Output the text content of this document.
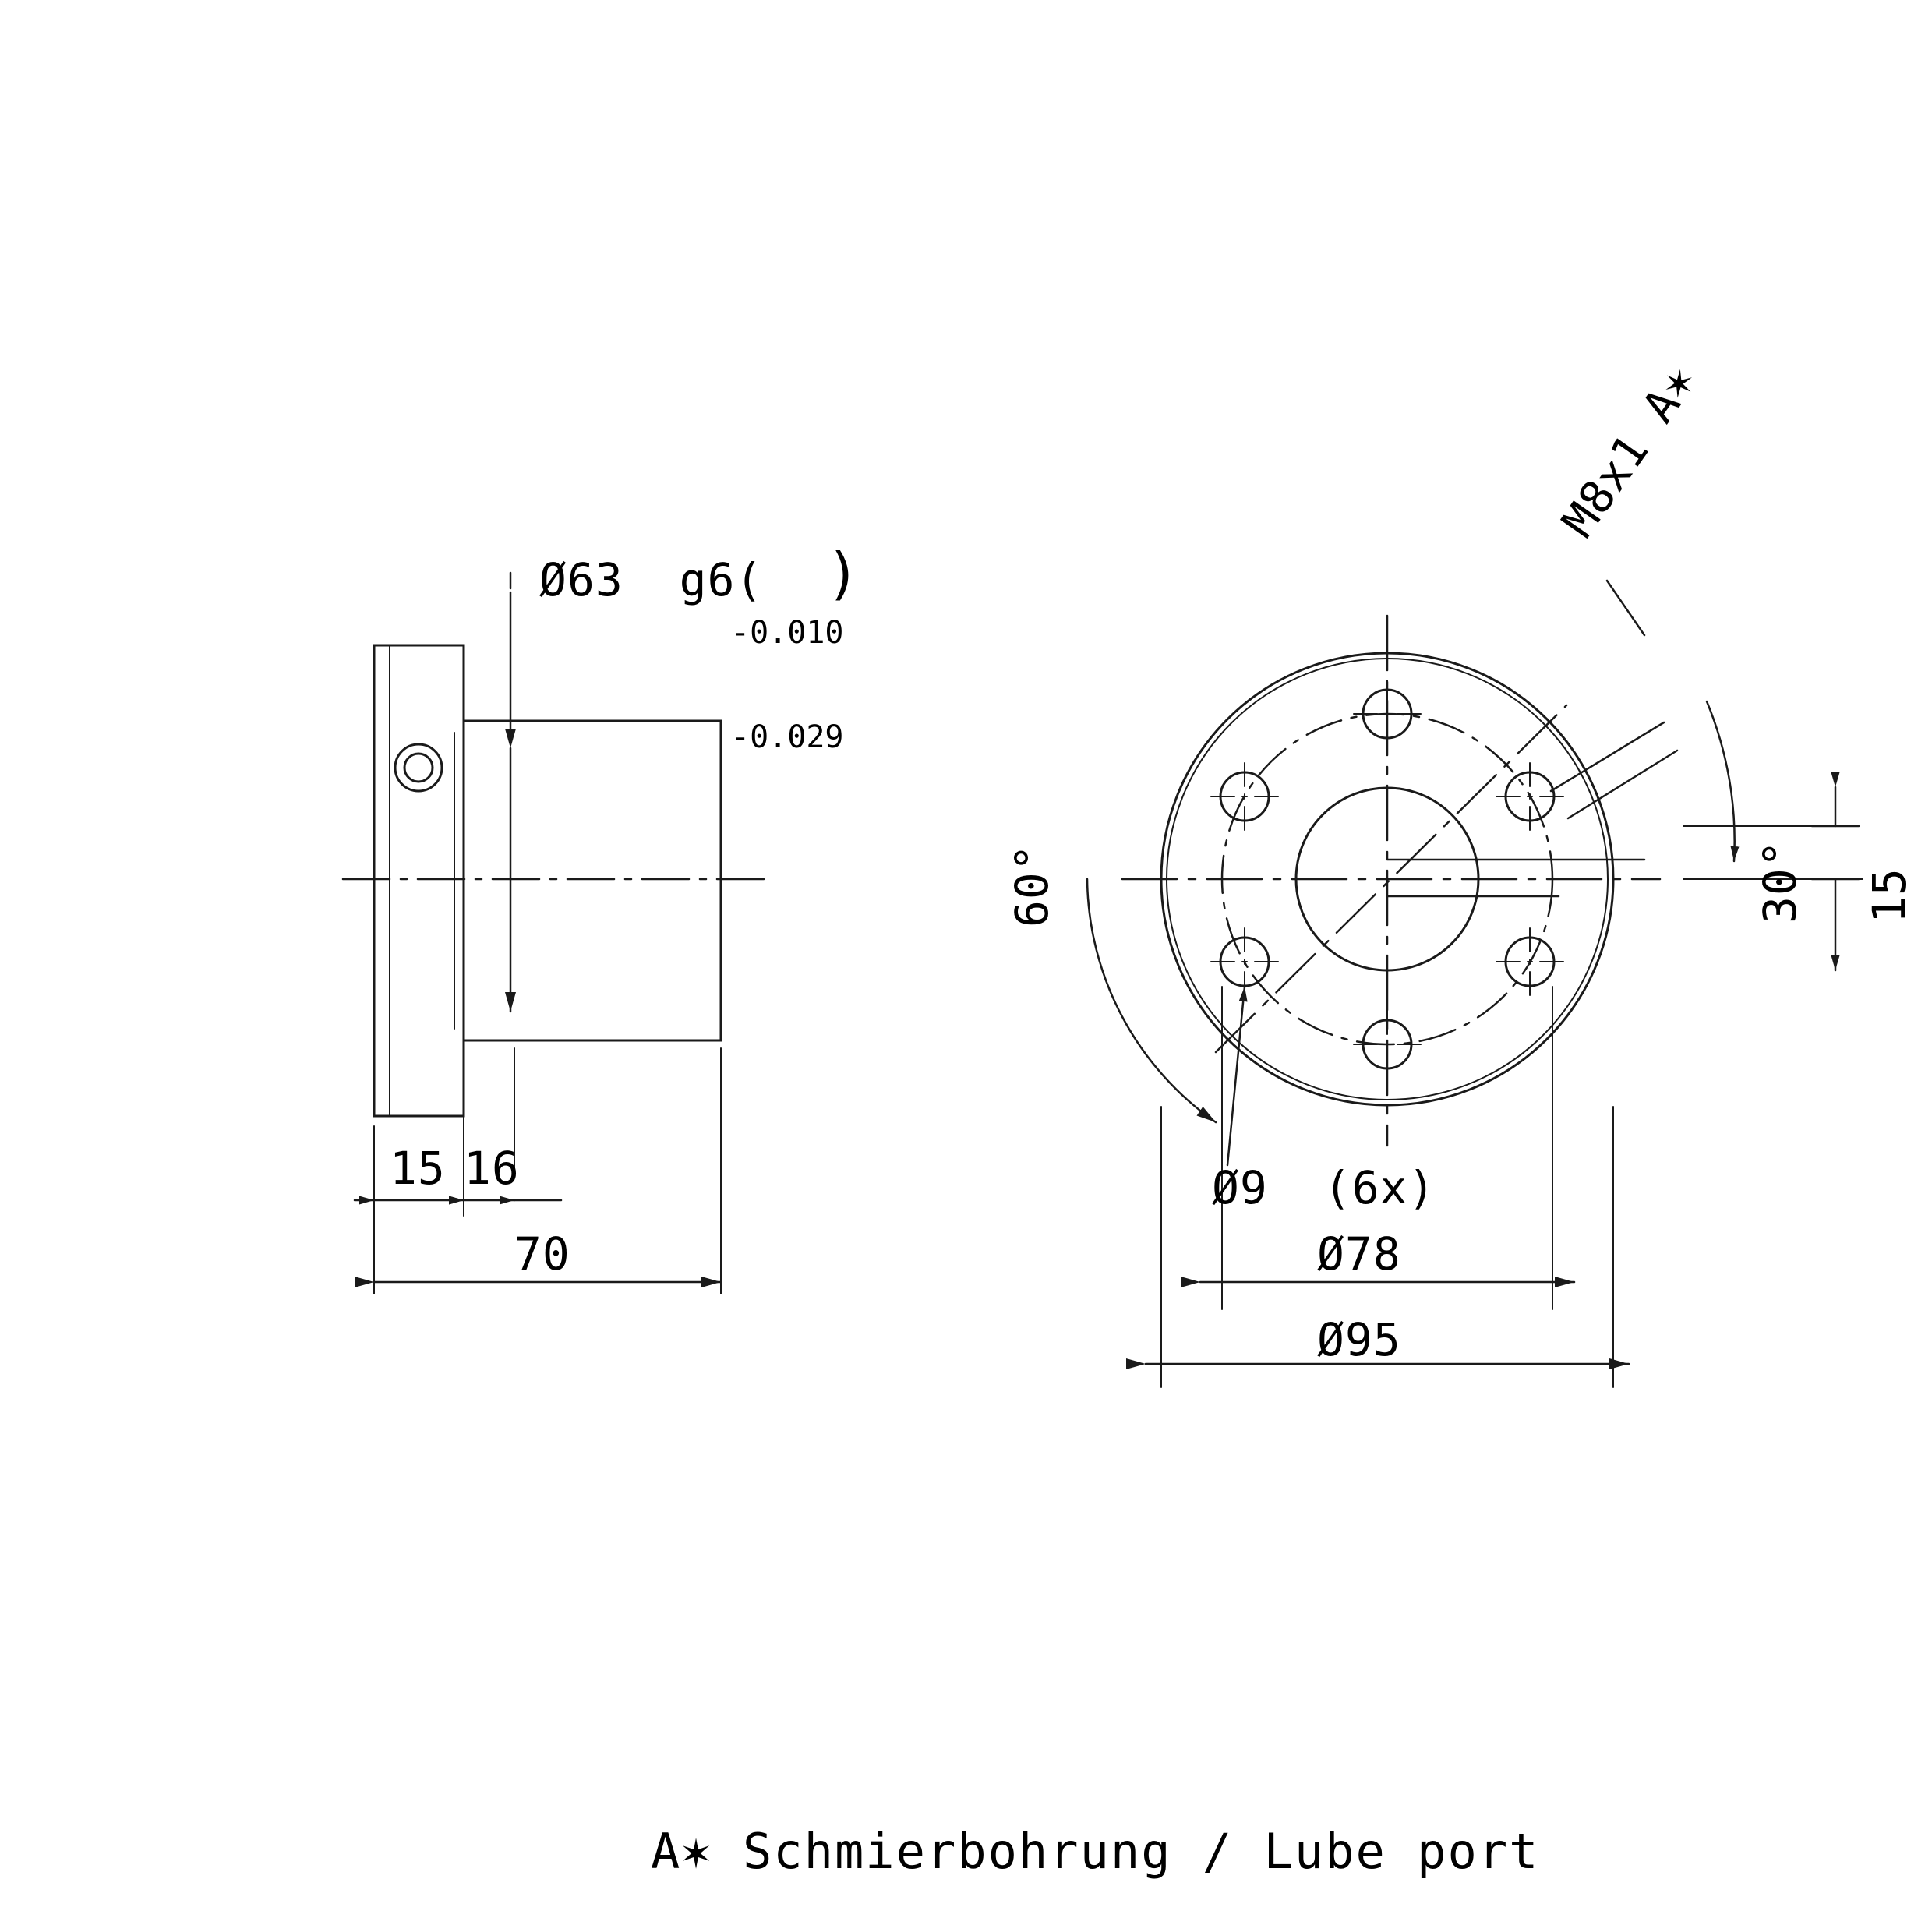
Ø63  g6(

-0.010

-0.029

)
15 16
70
60°	30° 15
M8x1 A✶
Ø9  (6x)
Ø78
Ø95
A✶ Schmierbohrung / Lube port
